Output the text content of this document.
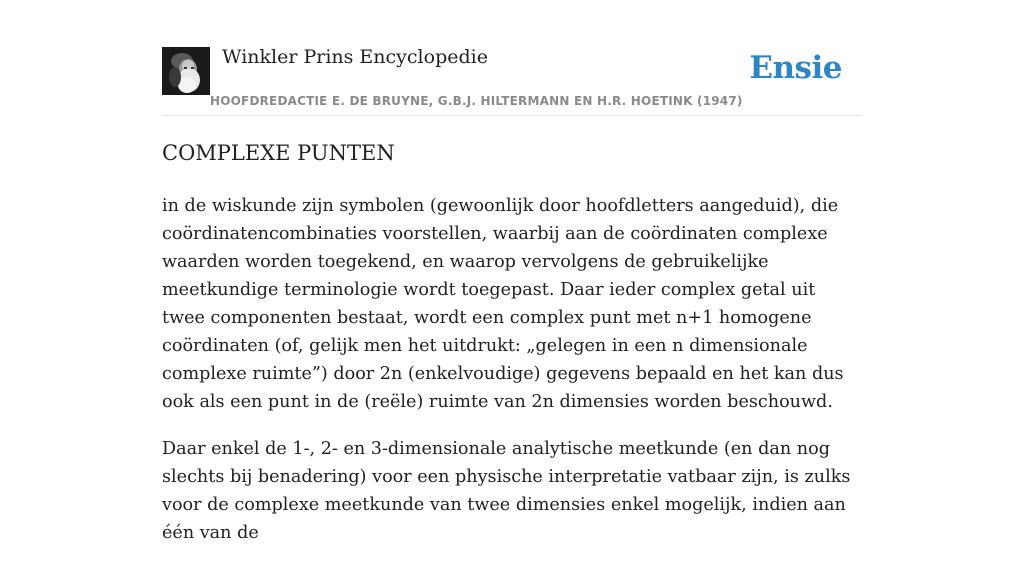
Winkler Prins Encyclopedie
HOOFDREDACTIE E. DE BRUYNE, G.B.J. HILTERMANN EN H.R. HOETINK (1947)
Ensie
COMPLEXE PUNTEN

in de wiskunde zijn symbolen (gewoonlijk door hoofdletters aangeduid), die coördinatencombinaties voorstellen, waarbij aan de coördinaten complexe waarden worden toegekend, en waarop vervolgens de gebruikelijke meetkundige terminologie wordt toegepast. Daar ieder complex getal uit twee componenten bestaat, wordt een complex punt met n+1 homogene coördinaten (of, gelijk men het uitdrukt: „gelegen in een n dimensionale complexe ruimte”) door 2n (enkelvoudige) gegevens bepaald en het kan dus ook als een punt in de (reële) ruimte van 2n dimensies worden beschouwd.

Daar enkel de 1-, 2- en 3-dimensionale analytische meetkunde (en dan nog slechts bij benadering) voor een physische interpretatie vatbaar zijn, is zulks voor de complexe meetkunde van twee dimensies enkel mogelijk, indien aan één van de
